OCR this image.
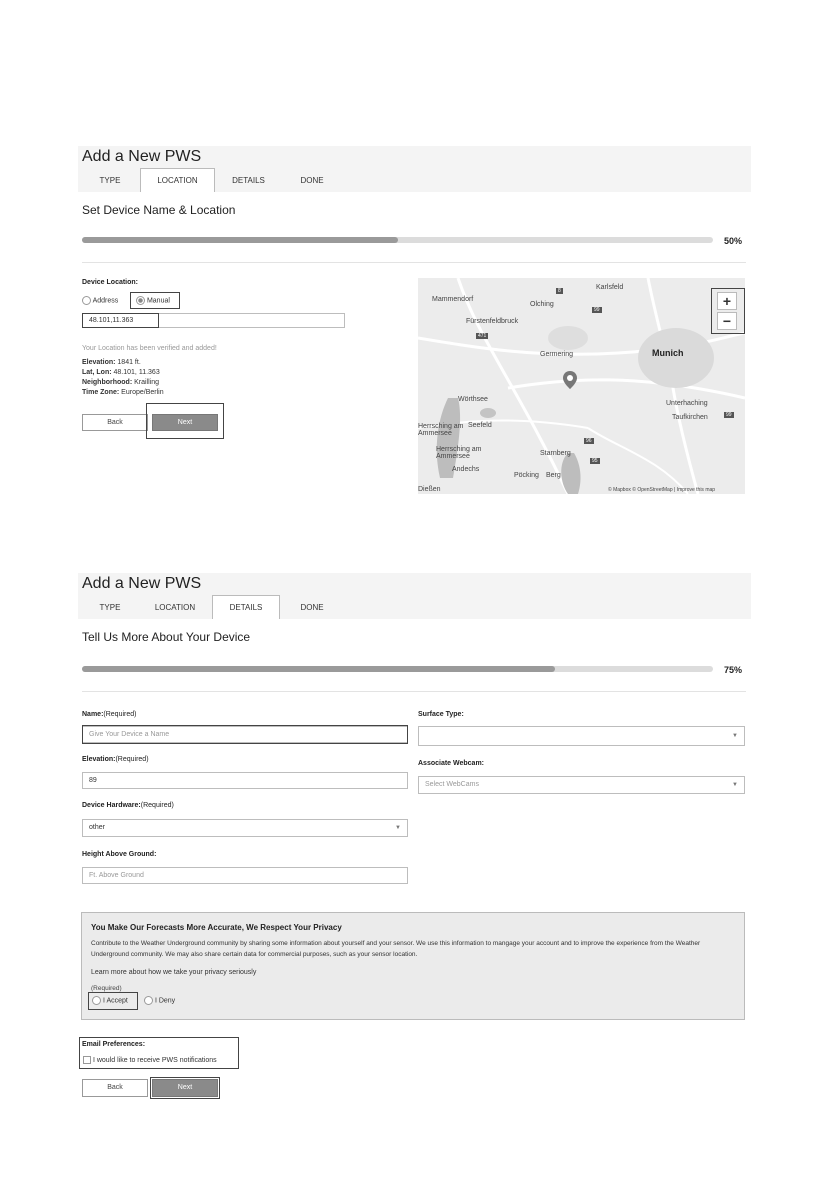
Add a New PWS
TYPE	LOCATION	DETAILS	DONE
Set Device Name & Location
50%
Device Location:
Address	Manual
48.101,11.363
Your Location has been verified and added!
Elevation: 1841 ft.
Lat, Lon: 48.101, 11.363
Neighborhood: Krailling
Time Zone: Europe/Berlin
Back	Next
Karlsfeld
Mammendorf
Olching
Fürstenfeldbruck
Germering	Munich
Unterhaching
Taufkirchen
Wörthsee
Seefeld
Herrsching am Ammersee
Herrsching am Ammersee	Starnberg
Andechs
Pöcking Berg
Dießen
8
471
99
96
95
99
+
−
© Mapbox © OpenStreetMap | Improve this map
Add a New PWS
TYPE	LOCATION	DETAILS	DONE
Tell Us More About Your Device
75%
Name:(Required)
Give Your Device a Name
Elevation:(Required)
89
Device Hardware:(Required)
other	▼
Height Above Ground:
Ft. Above Ground
Surface Type:
▼
Associate Webcam:
Select WebCams	▼
You Make Our Forecasts More Accurate, We Respect Your Privacy
Contribute to the Weather Underground community by sharing some information about yourself and your sensor. We use this information to mangage your account and to improve the experience from the Weather Underground community. We may also share certain data for commercial purposes, such as your sensor location.
Learn more about how we take your privacy seriously
(Required)
I Accept	I Deny
Email Preferences:
I would like to receive PWS notifications
Back	Next
